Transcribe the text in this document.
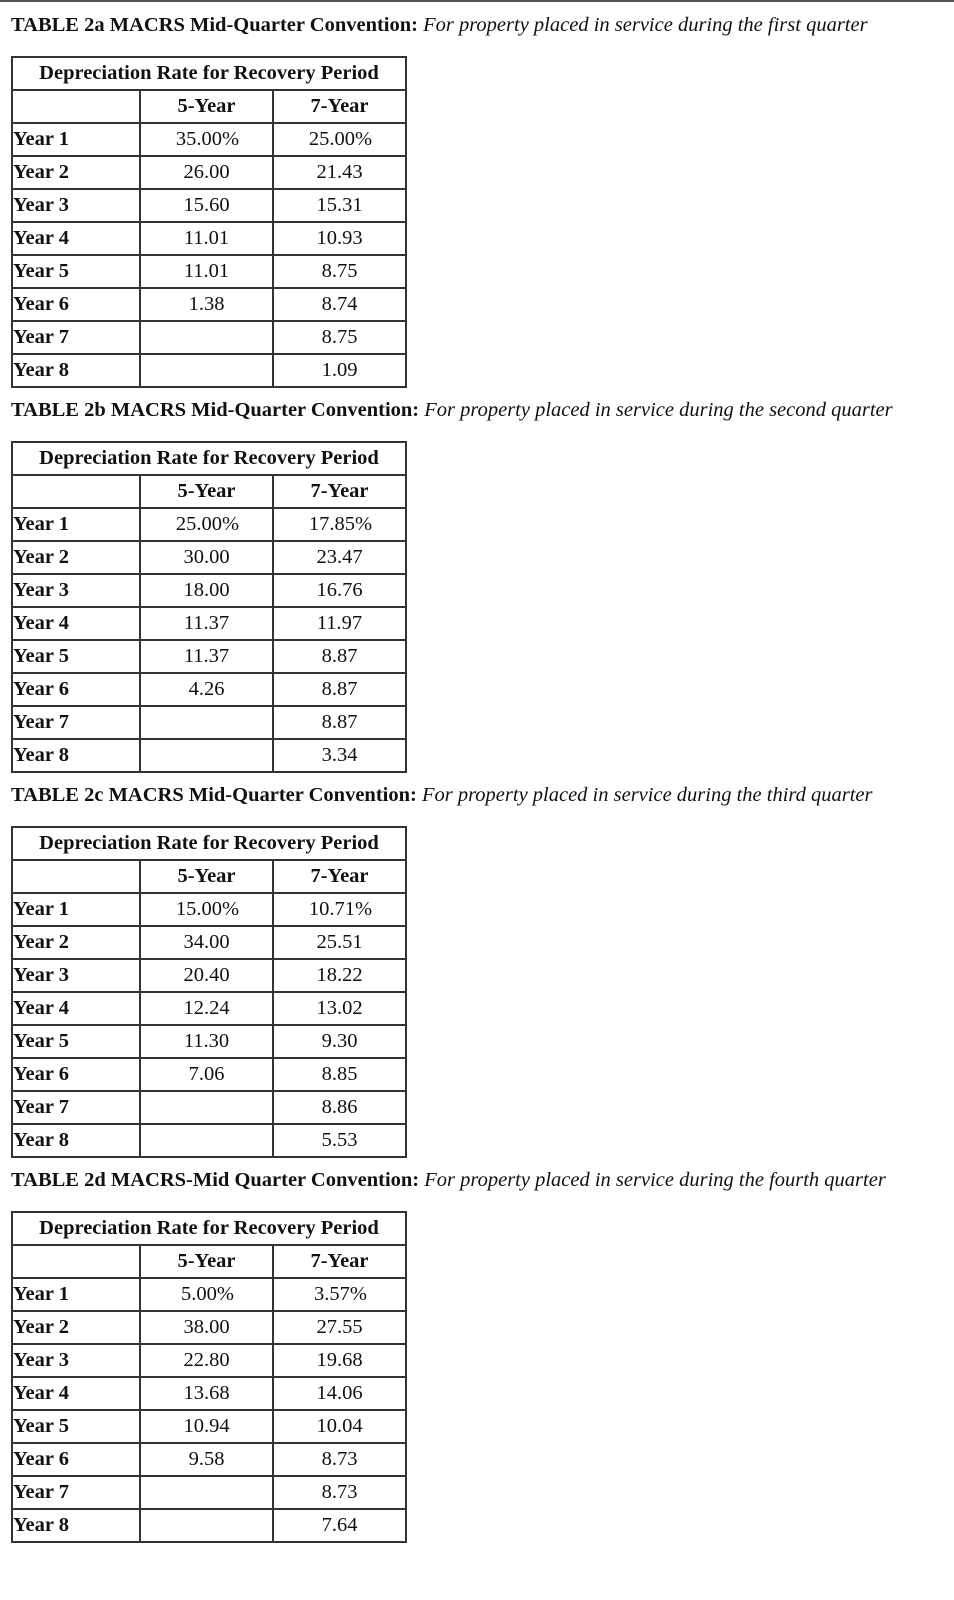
TABLE 2a MACRS Mid-Quarter Convention: For property placed in service during the first quarter
Depreciation Rate for Recovery Period		
	5-Year	7-Year
Year 1	35.00%	25.00%
Year 2	26.00	21.43
Year 3	15.60	15.31
Year 4	11.01	10.93
Year 5	11.01	8.75
Year 6	1.38	8.74
Year 7		8.75
Year 8		1.09
TABLE 2b MACRS Mid-Quarter Convention: For property placed in service during the second quarter
Depreciation Rate for Recovery Period		
	5-Year	7-Year
Year 1	25.00%	17.85%
Year 2	30.00	23.47
Year 3	18.00	16.76
Year 4	11.37	11.97
Year 5	11.37	8.87
Year 6	4.26	8.87
Year 7		8.87
Year 8		3.34
TABLE 2c MACRS Mid-Quarter Convention: For property placed in service during the third quarter
Depreciation Rate for Recovery Period		
	5-Year	7-Year
Year 1	15.00%	10.71%
Year 2	34.00	25.51
Year 3	20.40	18.22
Year 4	12.24	13.02
Year 5	11.30	9.30
Year 6	7.06	8.85
Year 7		8.86
Year 8		5.53
TABLE 2d MACRS-Mid Quarter Convention: For property placed in service during the fourth quarter
Depreciation Rate for Recovery Period		
	5-Year	7-Year
Year 1	5.00%	3.57%
Year 2	38.00	27.55
Year 3	22.80	19.68
Year 4	13.68	14.06
Year 5	10.94	10.04
Year 6	9.58	8.73
Year 7		8.73
Year 8		7.64
